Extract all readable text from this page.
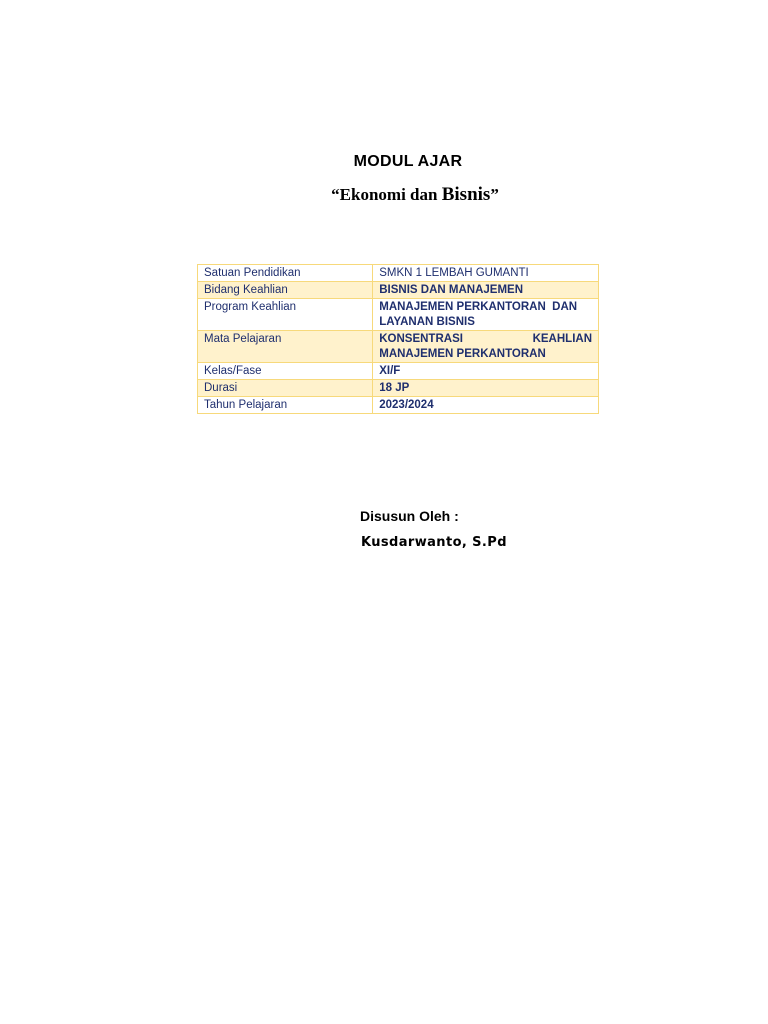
MODUL AJAR
“Ekonomi dan Bisnis”
Satuan Pendidikan	SMKN 1 LEMBAH GUMANTI
Bidang Keahlian	BISNIS DAN MANAJEMEN
Program Keahlian	MANAJEMEN PERKANTORAN  DAN
LAYANAN BISNIS

Mata Pelajaran	KONSENTRASI KEAHLIAN
MANAJEMEN PERKANTORAN

Kelas/Fase	XI/F
Durasi	18 JP
Tahun Pelajaran	2023/2024
Disusun Oleh :
Kusdarwanto, S.Pd
